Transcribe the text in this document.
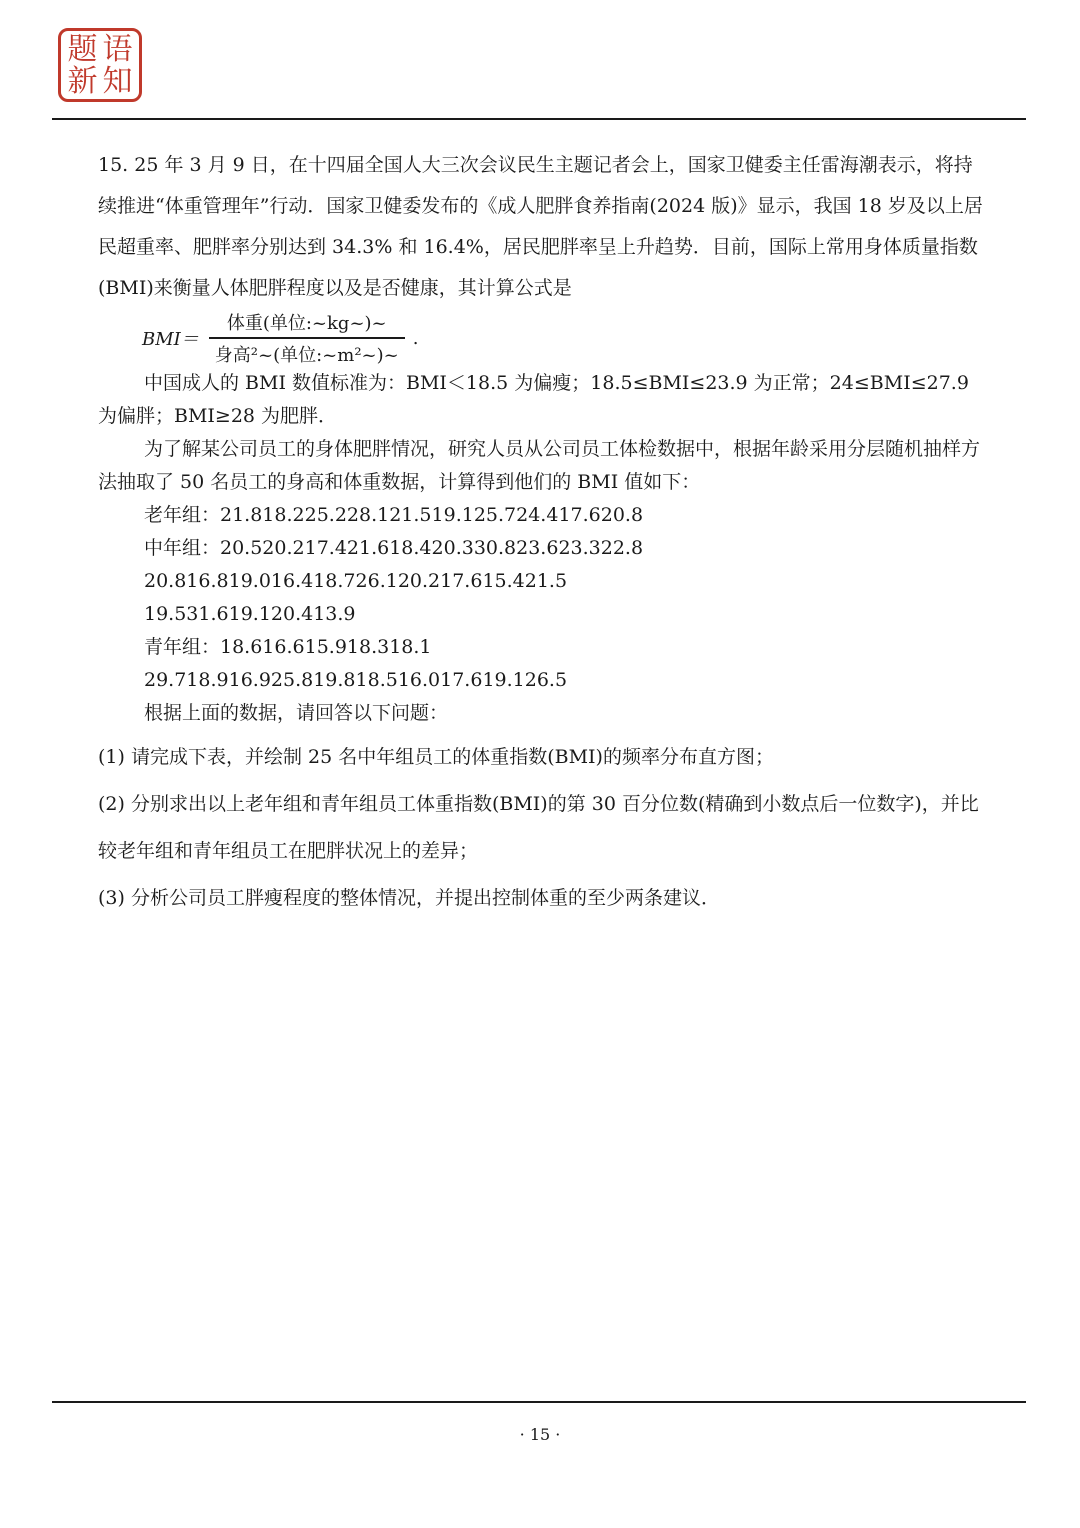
题 语
新 知

15. 25 年 3 月 9 日，在十四届全国人大三次会议民生主题记者会上，国家卫健委主任雷海潮表示，将持续推进“体重管理年”行动．国家卫健委发布的《成人肥胖食养指南(2024 版)》显示，我国 18 岁及以上居民超重率、肥胖率分别达到 34.3% 和 16.4%，居民肥胖率呈上升趋势．目前，国际上常用身体质量指数(BMI)来衡量人体肥胖程度以及是否健康，其计算公式是

$BMI= \frac{\text{体重(单位:\textasciitilde{}kg\textasciitilde{})\textasciitilde{}}}{\text{身高²\textasciitilde{}(单位:\textasciitilde{}m²\textasciitilde{})\textasciitilde{}}}$ .

中国成人的 BMI 数值标准为：BMI＜18.5 为偏瘦；18.5≤BMI≤23.9 为正常；24≤BMI≤27.9 为偏胖；BMI≥28 为肥胖．

为了解某公司员工的身体肥胖情况，研究人员从公司员工体检数据中，根据年龄采用分层随机抽样方法抽取了 50 名员工的身高和体重数据，计算得到他们的 BMI 值如下：

老年组：21.818.225.228.121.519.125.724.417.620.8

中年组：20.520.217.421.618.420.330.823.623.322.8

20.816.819.016.418.726.120.217.615.421.5

19.531.619.120.413.9

青年组：18.616.615.918.318.1

29.718.916.925.819.818.516.017.619.126.5

根据上面的数据，请回答以下问题：

(1) 请完成下表，并绘制 25 名中年组员工的体重指数(BMI)的频率分布直方图；

(2) 分别求出以上老年组和青年组员工体重指数(BMI)的第 30 百分位数(精确到小数点后一位数字)，并比较老年组和青年组员工在肥胖状况上的差异；

(3) 分析公司员工胖瘦程度的整体情况，并提出控制体重的至少两条建议．

· 15 ·
